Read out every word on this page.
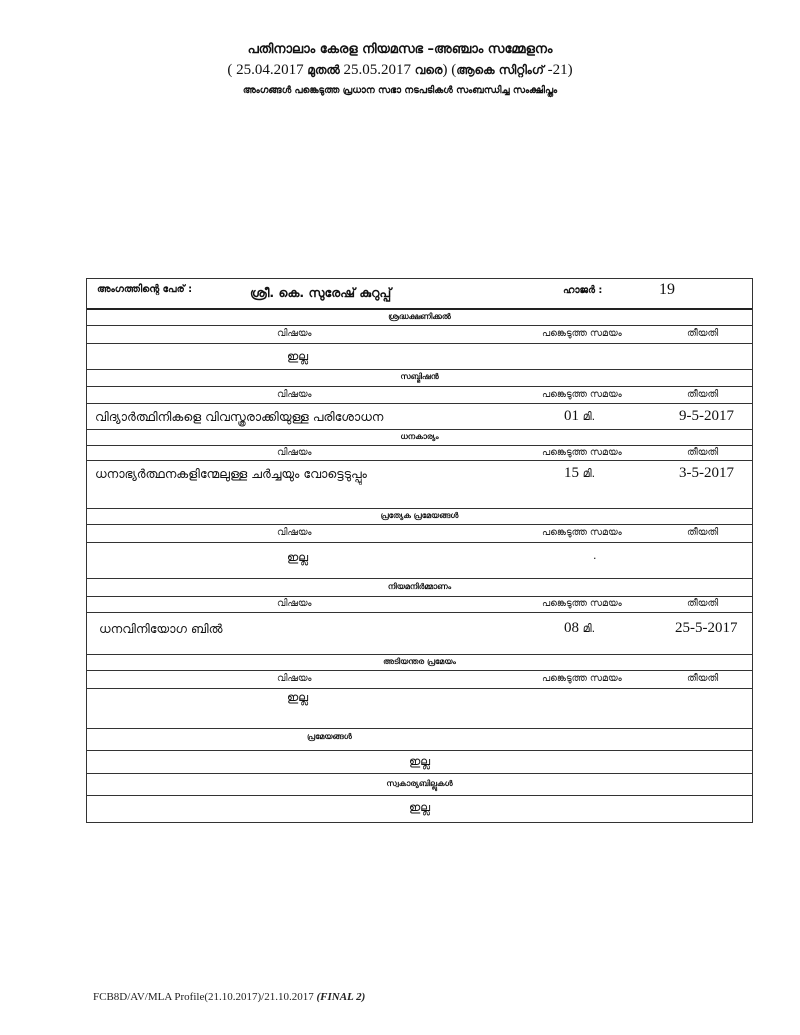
പതിനാലാം കേരള നിയമസഭ –അഞ്ചാം സമ്മേളനം
( 25.04.2017 മുതൽ 25.05.2017 വരെ) (ആകെ സിറ്റിംഗ് -21)
അംഗങ്ങൾ പങ്കെടുത്ത പ്രധാന സഭാ നടപടികൾ സംബന്ധിച്ച സംക്ഷിപ്തം
അംഗത്തിന്റെ പേര് :	ശ്രീ. കെ. സുരേഷ് കുറുപ്പ്	ഹാജർ :	19
ശ്രദ്ധക്ഷണിക്കൽ
വിഷയം	പങ്കെടുത്ത സമയം	തീയതി
ഇല്ല
സബ്മിഷൻ
വിഷയം	പങ്കെടുത്ത സമയം	തീയതി
വിദ്യാർത്ഥിനികളെ വിവസ്ത്രരാക്കിയുള്ള പരിശോധന	01 മി.	9-5-2017
ധനകാര്യം
വിഷയം	പങ്കെടുത്ത സമയം	തീയതി
ധനാഭ്യർത്ഥനകളിന്മേലുള്ള ചർച്ചയും വോട്ടെടുപ്പും	15 മി.	3-5-2017
പ്രത്യേക പ്രമേയങ്ങൾ
വിഷയം	പങ്കെടുത്ത സമയം	തീയതി
ഇല്ല	.
നിയമനിർമ്മാണം
വിഷയം	പങ്കെടുത്ത സമയം	തീയതി
ധനവിനിയോഗ ബിൽ	08 മി.	25-5-2017
അടിയന്തര പ്രമേയം
വിഷയം	പങ്കെടുത്ത സമയം	തീയതി
ഇല്ല
പ്രമേയങ്ങൾ
ഇല്ല
സ്വകാര്യബില്ലുകൾ
ഇല്ല
FCB8D/AV/MLA Profile(21.10.2017)/21.10.2017 (FINAL 2)
